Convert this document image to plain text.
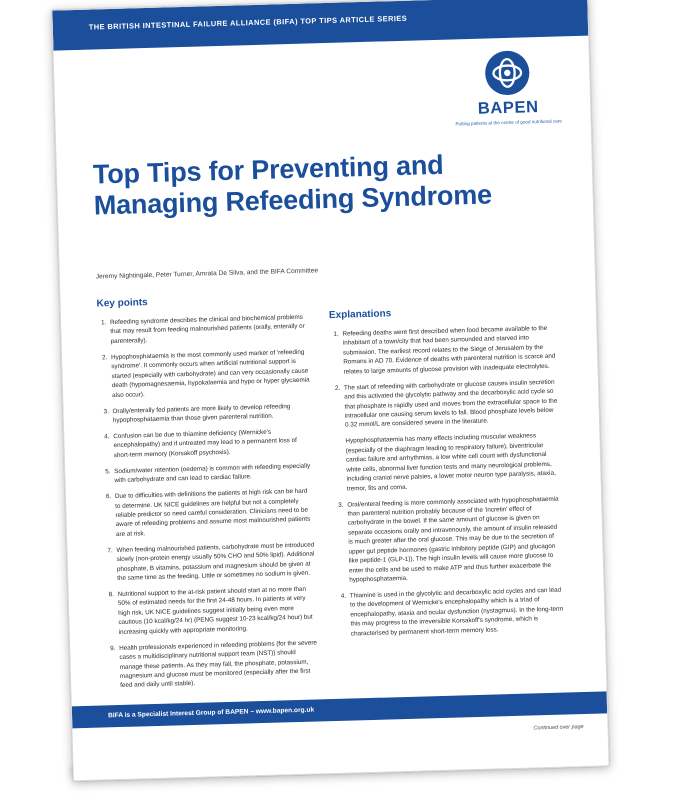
THE BRITISH INTESTINAL FAILURE ALLIANCE (BIFA) TOP TIPS ARTICLE SERIES
BAPEN
Putting patients at the centre of good nutritional care
Top Tips for Preventing and Managing Refeeding Syndrome
Jeremy Nightingale, Peter Turner, Amrata De Silva, and the BIFA Committee
Key points
1. Refeeding syndrome describes the clinical and biochemical problems that may result from feeding malnourished patients (orally, enterally or parenterally).
2. Hypophosphataemia is the most commonly used marker of 'refeeding syndrome'. It commonly occurs when artificial nutritional support is started (especially with carbohydrate) and can very occasionally cause death (hypomagnesaemia, hypokalaemia and hypo or hyper glycaemia also occur).
3. Orally/enterally fed patients are more likely to develop refeeding hypophosphataemia than those given parenteral nutrition.
4. Confusion can be due to thiamine deficiency (Wernicke's encephalopathy) and if untreated may lead to a permanent loss of short-term memory (Korsakoff psychosis).
5. Sodium/water retention (oedema) is common with refeeding especially with carbohydrate and can lead to cardiac failure.
6. Due to difficulties with definitions the patients at high risk can be hard to determine. UK NICE guidelines are helpful but not a completely reliable predictor so need careful consideration. Clinicians need to be aware of refeeding problems and assume most malnourished patients are at risk.
7. When feeding malnourished patients, carbohydrate must be introduced slowly (non-protein energy usually 50% CHO and 50% lipid). Additional phosphate, B vitamins, potassium and magnesium should be given at the same time as the feeding. Little or sometimes no sodium is given.
8. Nutritional support to the at-risk patient should start at no more than 50% of estimated needs for the first 24-48 hours. In patients at very high risk, UK NICE guidelines suggest initially being even more cautious (10 kcal/kg/24 hr) (PENG suggest 10-23 kcal/kg/24 hour) but increasing quickly with appropriate monitoring.
9. Health professionals experienced in refeeding problems (for the severe cases a multidisciplinary nutritional support team (NST)) should manage these patients. As they may fall, the phosphate, potassium, magnesium and glucose must be monitored (especially after the first feed and daily until stable).
Explanations
1. Refeeding deaths were first described when food became available to the inhabitant of a town/city that had been surrounded and starved into submission. The earliest record relates to the Siege of Jerusalem by the Romans in AD 70. Evidence of deaths with parenteral nutrition is scarce and relates to large amounts of glucose provision with inadequate electrolytes.
2. The start of refeeding with carbohydrate or glucose causes insulin secretion and this activated the glycolytic pathway and the decarboxylic acid cycle so that phosphate is rapidly used and moves from the extracellular space to the intracellular one causing serum levels to fall. Blood phosphate levels below 0.32 mmol/L are considered severe in the literature.

Hypophosphataemia has many effects including muscular weakness (especially of the diaphragm leading to respiratory failure), biventricular cardiac failure and arrhythmias, a low white cell count with dysfunctional white cells, abnormal liver function tests and many neurological problems, including cranial nerve palsies, a lower motor neuron type paralysis, ataxia, tremor, fits and coma.

3. Oral/enteral feeding is more commonly associated with hypophosphataemia than parenteral nutrition probably because of the 'incretin' effect of carbohydrate in the bowel. If the same amount of glucose is given on separate occasions orally and intravenously, the amount of insulin released is much greater after the oral glucose. This may be due to the secretion of upper gut peptide hormones (gastric inhibitory peptide (GIP) and glucagon like peptide-1 (GLP-1)). The high insulin levels will cause more glucose to enter the cells and be used to make ATP and thus further exacerbate the hypophosphataemia.
4. Thiamine is used in the glycolytic and decarboxylic acid cycles and can lead to the development of Wernicke's encephalopathy which is a triad of encephalopathy, ataxia and ocular dysfunction (nystagmus). In the long-term this may progress to the irreversible Korsakoff's syndrome, which is characterised by permanent short-term memory loss.
Continued over page
BIFA is a Specialist Interest Group of BAPEN – www.bapen.org.uk
